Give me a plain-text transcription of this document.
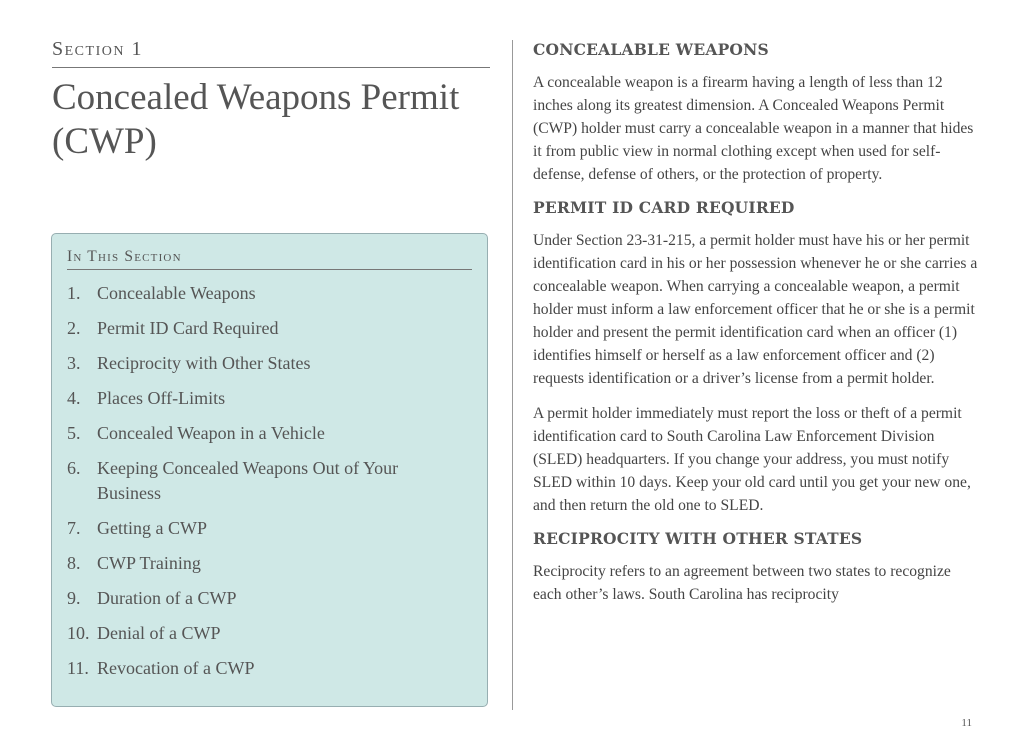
Section 1
Concealed Weapons Permit (CWP)
In This Section
1. Concealable Weapons
2. Permit ID Card Required
3. Reciprocity with Other States
4. Places Off-Limits
5. Concealed Weapon in a Vehicle
6. Keeping Concealed Weapons Out of Your Business
7. Getting a CWP
8. CWP Training
9. Duration of a CWP
10. Denial of a CWP
11. Revocation of a CWP
CONCEALABLE WEAPONS

A concealable weapon is a firearm having a length of less than 12 inches along its greatest dimension. A Concealed Weapons Permit (CWP) holder must carry a concealable weapon in a manner that hides it from public view in normal clothing except when used for self-defense, defense of others, or the protection of property.

PERMIT ID CARD REQUIRED

Under Section 23-31-215, a permit holder must have his or her permit identification card in his or her possession whenever he or she carries a concealable weapon. When carrying a concealable weapon, a permit holder must inform a law enforcement officer that he or she is a permit holder and present the permit identification card when an officer (1) identifies himself or herself as a law enforcement officer and (2) requests identification or a driver’s license from a permit holder.

A permit holder immediately must report the loss or theft of a permit identification card to South Carolina Law Enforcement Division (SLED) headquarters. If you change your address, you must notify SLED within 10 days. Keep your old card until you get your new one, and then return the old one to SLED.

RECIPROCITY WITH OTHER STATES

Reciprocity refers to an agreement between two states to recognize each other’s laws. South Carolina has reciprocity

11
